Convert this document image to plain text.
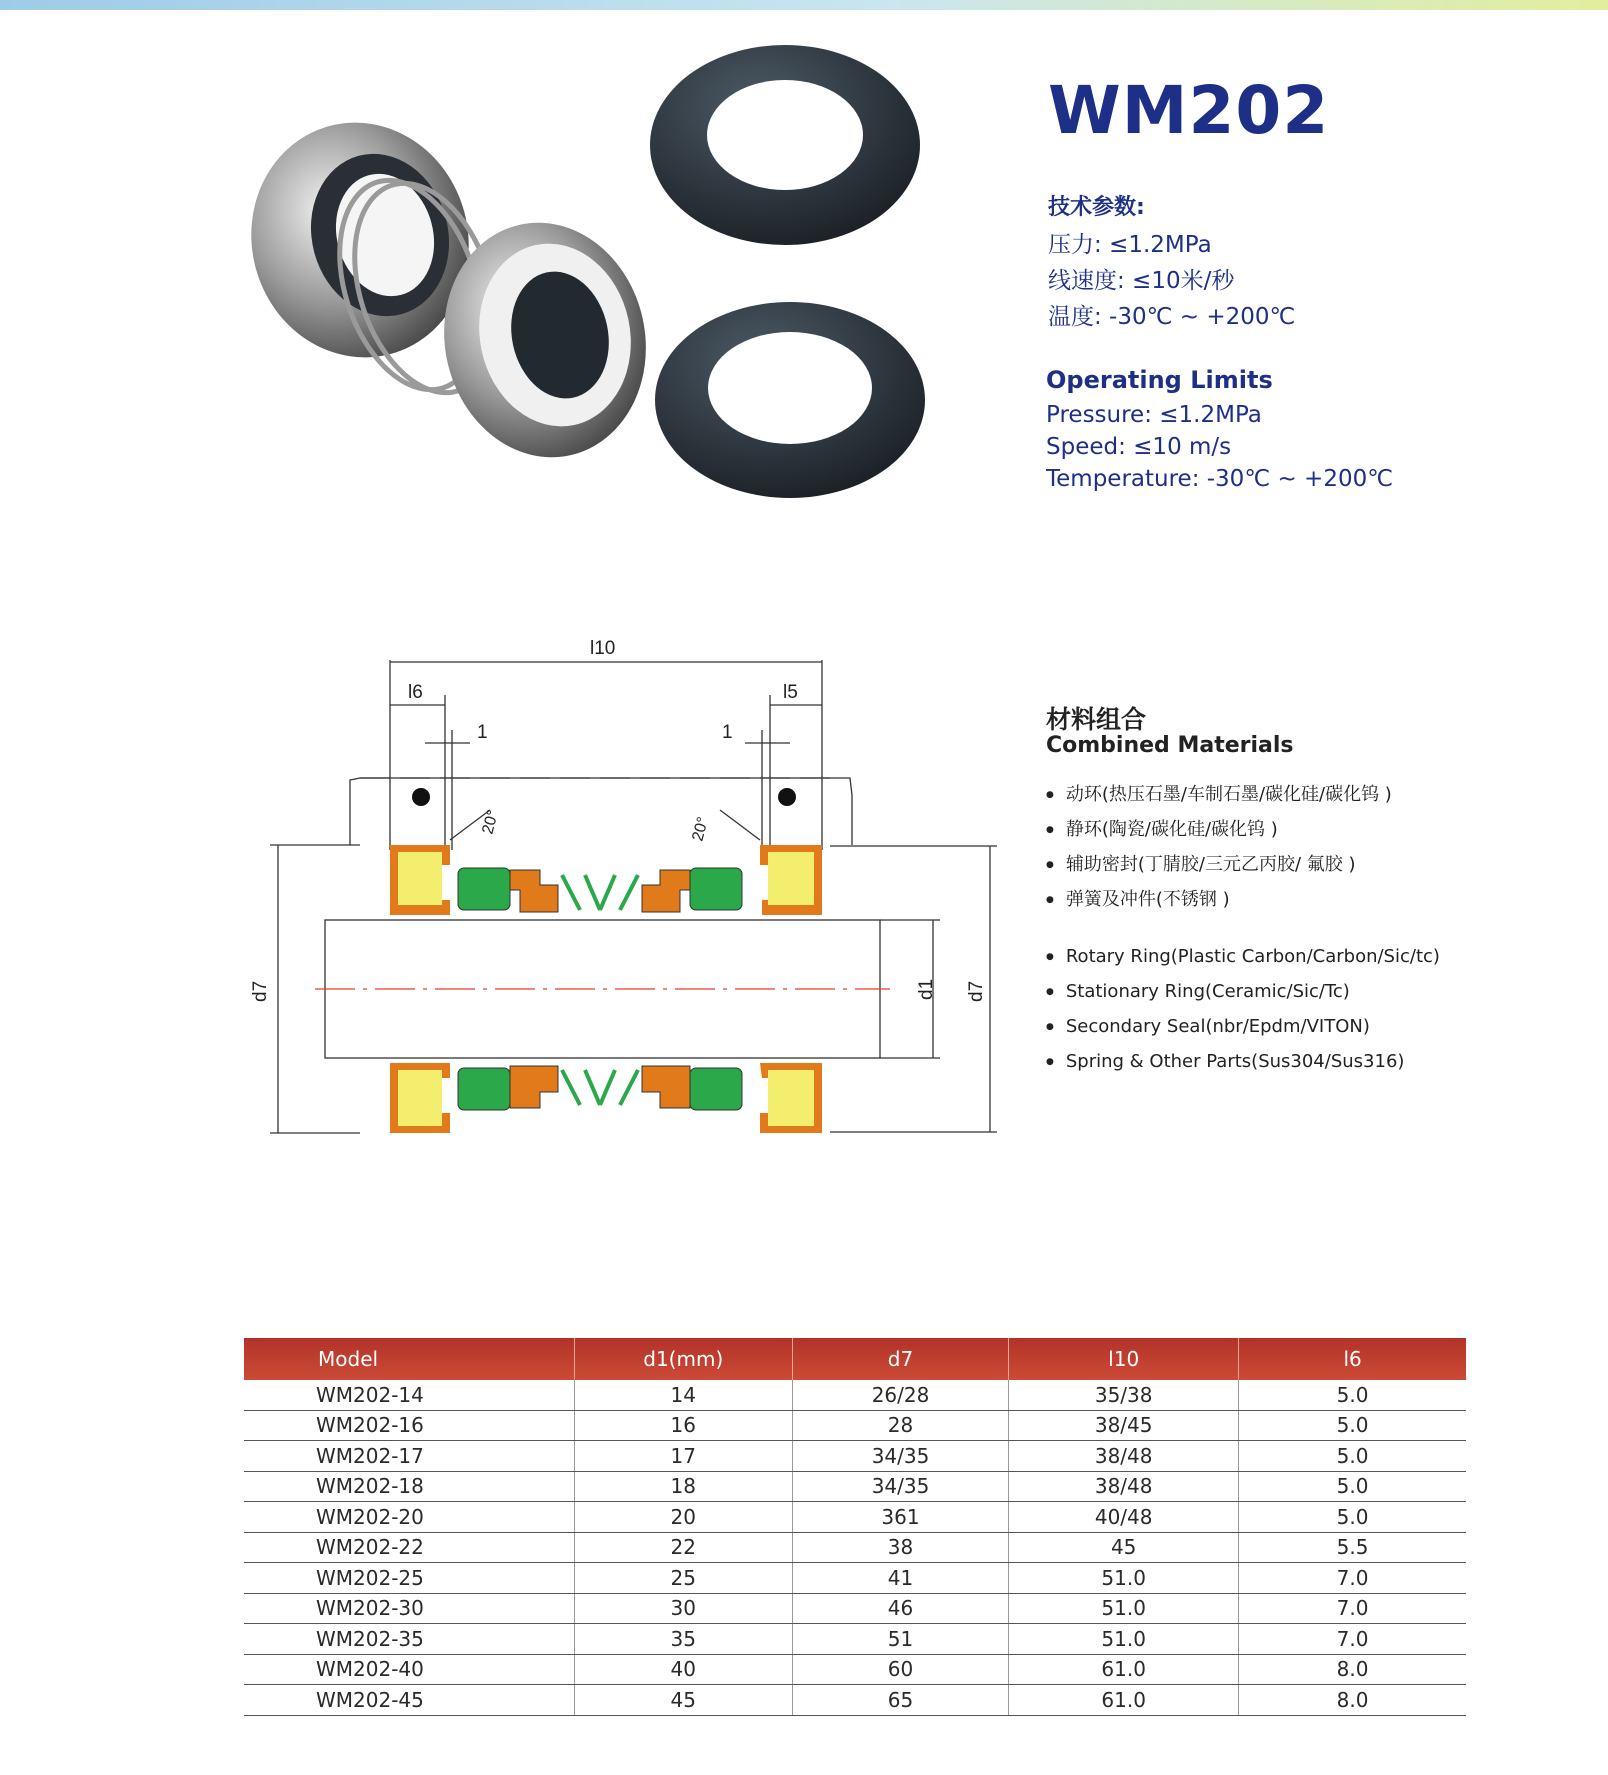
WM202
技术参数:
压力: ≤1.2MPa
线速度: ≤10米/秒
温度: -30℃ ~ +200℃
Operating Limits
Pressure: ≤1.2MPa
Speed: ≤10 m/s
Temperature: -30℃ ~ +200℃
l10
l6	l5
1	1
20°	20°
d7	d1 d7
材料组合
Combined Materials
● 动环(热压石墨/车制石墨/碳化硅/碳化钨 )
● 静环(陶瓷/碳化硅/碳化钨 )
● 辅助密封(丁腈胶/三元乙丙胶/ 氟胶 )
● 弹簧及冲件(不锈钢 )
● Rotary Ring(Plastic Carbon/Carbon/Sic/tc)
● Stationary Ring(Ceramic/Sic/Tc)
● Secondary Seal(nbr/Epdm/VITON)
● Spring & Other Parts(Sus304/Sus316)
Model	d1(mm)	d7	l10	l6
WM202-14	14	26/28	35/38	5.0
WM202-16	16	28	38/45	5.0
WM202-17	17	34/35	38/48	5.0
WM202-18	18	34/35	38/48	5.0
WM202-20	20	361	40/48	5.0
WM202-22	22	38	45	5.5
WM202-25	25	41	51.0	7.0
WM202-30	30	46	51.0	7.0
WM202-35	35	51	51.0	7.0
WM202-40	40	60	61.0	8.0
WM202-45	45	65	61.0	8.0
